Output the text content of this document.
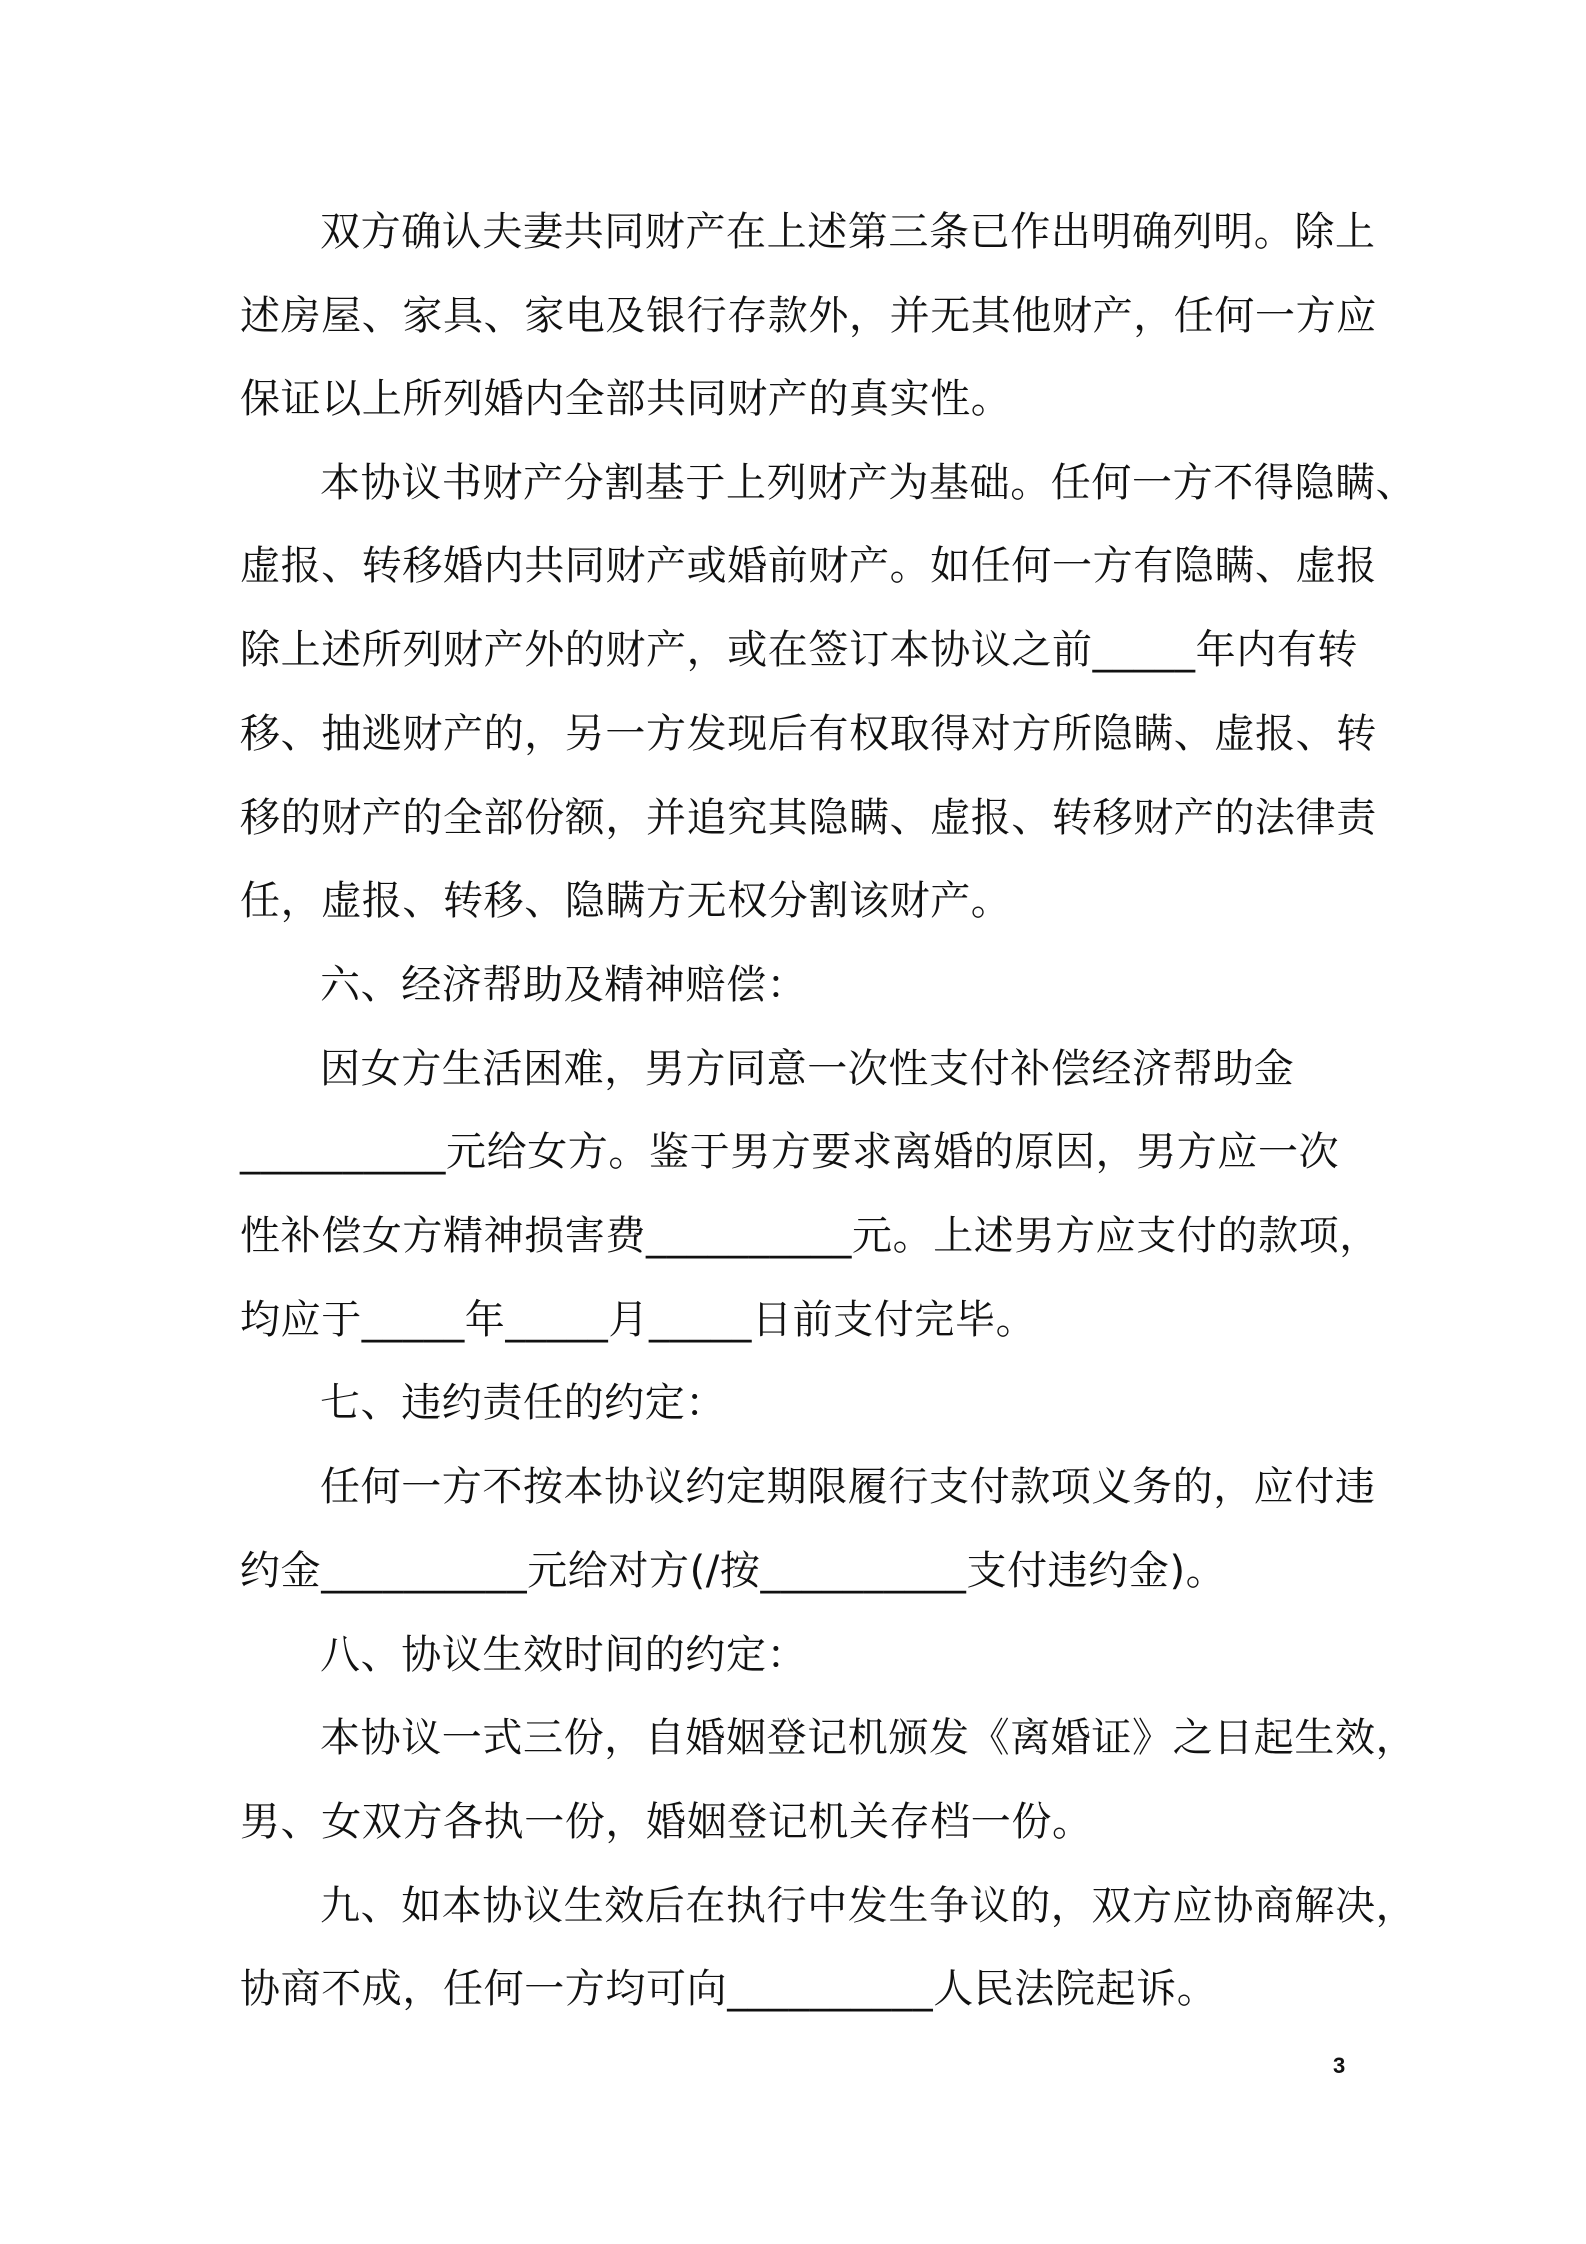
双方确认夫妻共同财产在上述第三条已作出明确列明。除上
述房屋、家具、家电及银行存款外，并无其他财产，任何一方应
保证以上所列婚内全部共同财产的真实性。
本协议书财产分割基于上列财产为基础。任何一方不得隐瞒、
虚报、转移婚内共同财产或婚前财产。如任何一方有隐瞒、虚报
除上述所列财产外的财产，或在签订本协议之前_____年内有转
移、抽逃财产的，另一方发现后有权取得对方所隐瞒、虚报、转
移的财产的全部份额，并追究其隐瞒、虚报、转移财产的法律责
任，虚报、转移、隐瞒方无权分割该财产。
六、经济帮助及精神赔偿：
因女方生活困难，男方同意一次性支付补偿经济帮助金
__________元给女方。鉴于男方要求离婚的原因，男方应一次
性补偿女方精神损害费__________元。上述男方应支付的款项，
均应于_____年_____月_____日前支付完毕。
七、违约责任的约定：
任何一方不按本协议约定期限履行支付款项义务的，应付违
约金__________元给对方(/按__________支付违约金)。
八、协议生效时间的约定：
本协议一式三份，自婚姻登记机颁发《离婚证》之日起生效，
男、女双方各执一份，婚姻登记机关存档一份。
九、如本协议生效后在执行中发生争议的，双方应协商解决，
协商不成，任何一方均可向__________人民法院起诉。
3
